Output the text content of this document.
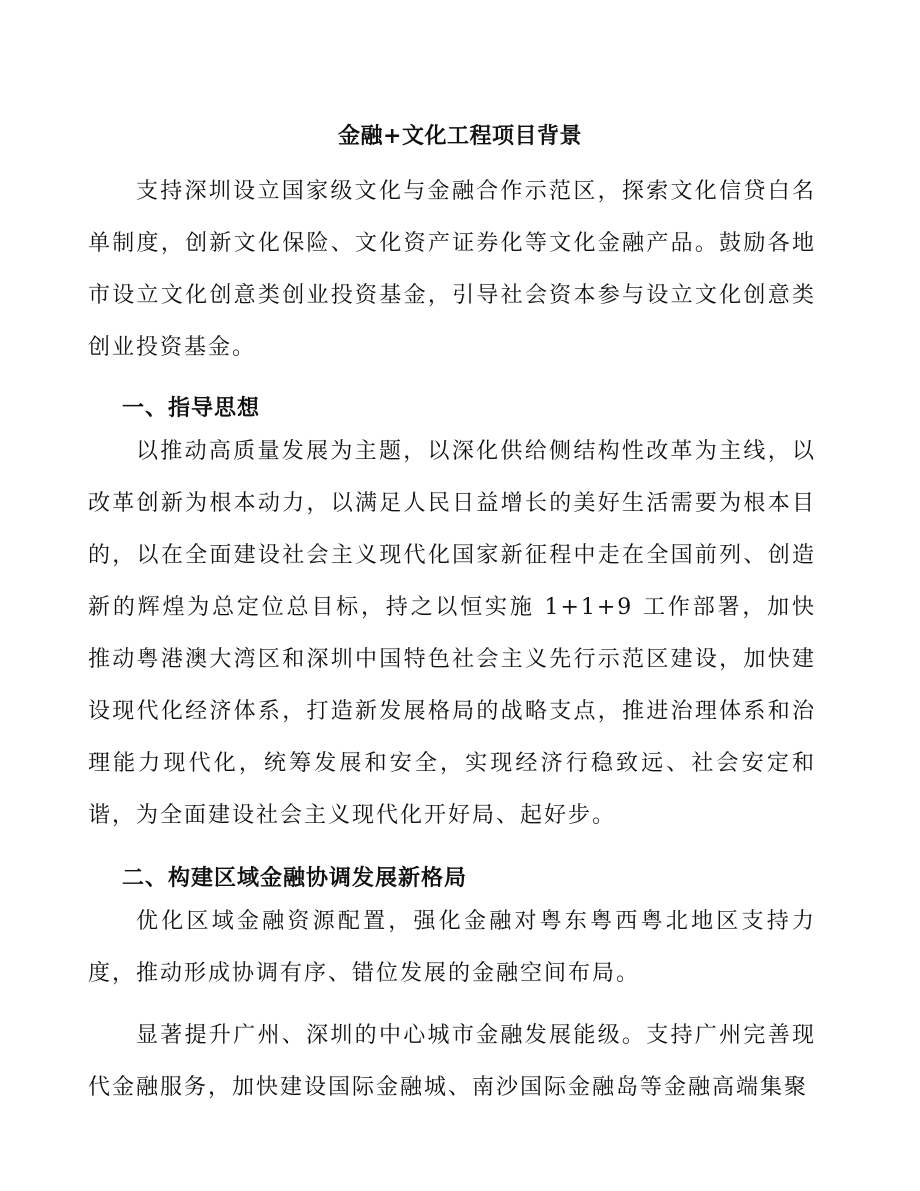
金融+文化工程项目背景

支持深圳设立国家级文化与金融合作示范区，探索文化信贷白名单制度，创新文化保险、文化资产证券化等文化金融产品。鼓励各地市设立文化创意类创业投资基金，引导社会资本参与设立文化创意类创业投资基金。

一、指导思想

以推动高质量发展为主题，以深化供给侧结构性改革为主线，以改革创新为根本动力，以满足人民日益增长的美好生活需要为根本目的，以在全面建设社会主义现代化国家新征程中走在全国前列、创造新的辉煌为总定位总目标，持之以恒实施 1+1+9 工作部署，加快推动粤港澳大湾区和深圳中国特色社会主义先行示范区建设，加快建设现代化经济体系，打造新发展格局的战略支点，推进治理体系和治理能力现代化，统筹发展和安全，实现经济行稳致远、社会安定和谐，为全面建设社会主义现代化开好局、起好步。

二、构建区域金融协调发展新格局

优化区域金融资源配置，强化金融对粤东粤西粤北地区支持力度，推动形成协调有序、错位发展的金融空间布局。

显著提升广州、深圳的中心城市金融发展能级。支持广州完善现代金融服务，加快建设国际金融城、南沙国际金融岛等金融高端集聚
